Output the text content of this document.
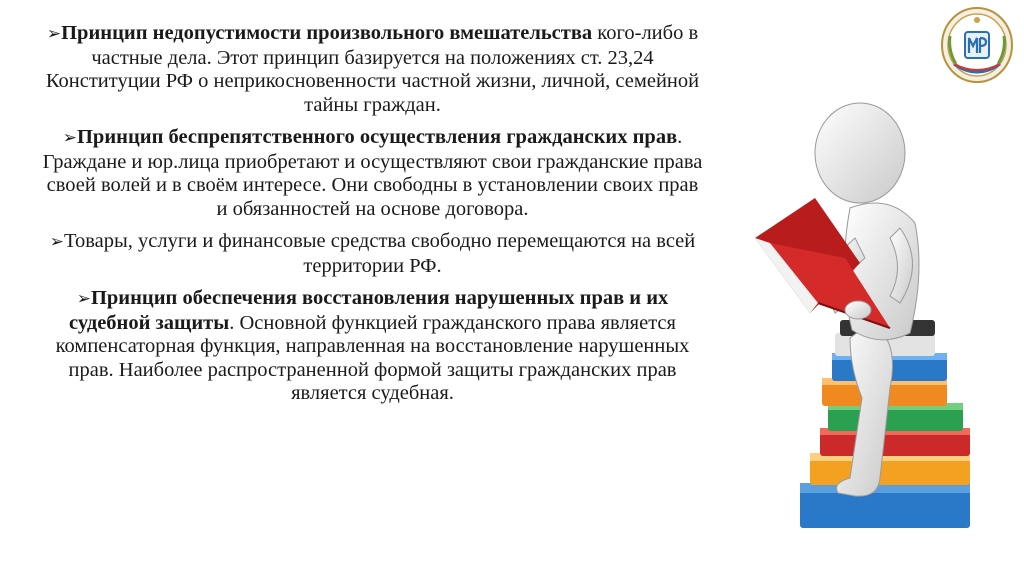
➢Принцип недопустимости произвольного вмешательства кого-либо в частные дела. Этот принцип базируется на положениях ст. 23,24 Конституции РФ о неприкосновенности частной жизни, личной, семейной тайны граждан.

➢Принцип беспрепятственного осуществления гражданских прав. Граждане и юр.лица приобретают и осуществляют свои гражданские права своей волей и в своём интересе. Они свободны в установлении своих прав и обязанностей на основе договора.

➢Товары, услуги и финансовые средства свободно перемещаются на всей территории РФ.

➢Принцип обеспечения восстановления нарушенных прав и их судебной защиты. Основной функцией гражданского права является компенсаторная функция, направленная на восстановление нарушенных прав. Наиболее распространенной формой защиты гражданских прав является судебная.
